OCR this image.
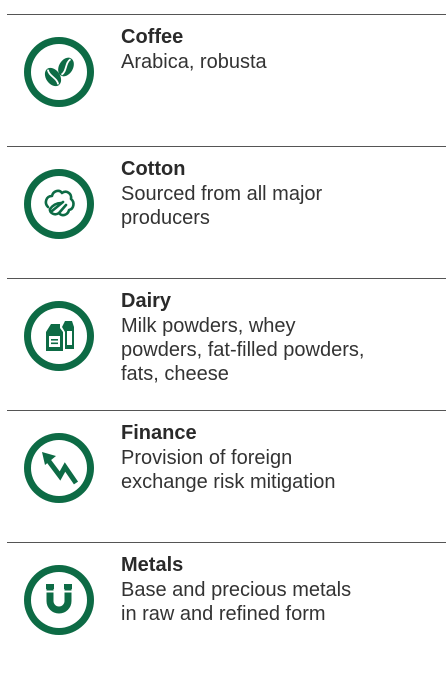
Coffee
Arabica, robusta
Cotton
Sourced from all major
producers
Dairy
Milk powders, whey
powders, fat-filled powders,
fats, cheese
Finance
Provision of foreign
exchange risk mitigation
Metals
Base and precious metals
in raw and refined form
